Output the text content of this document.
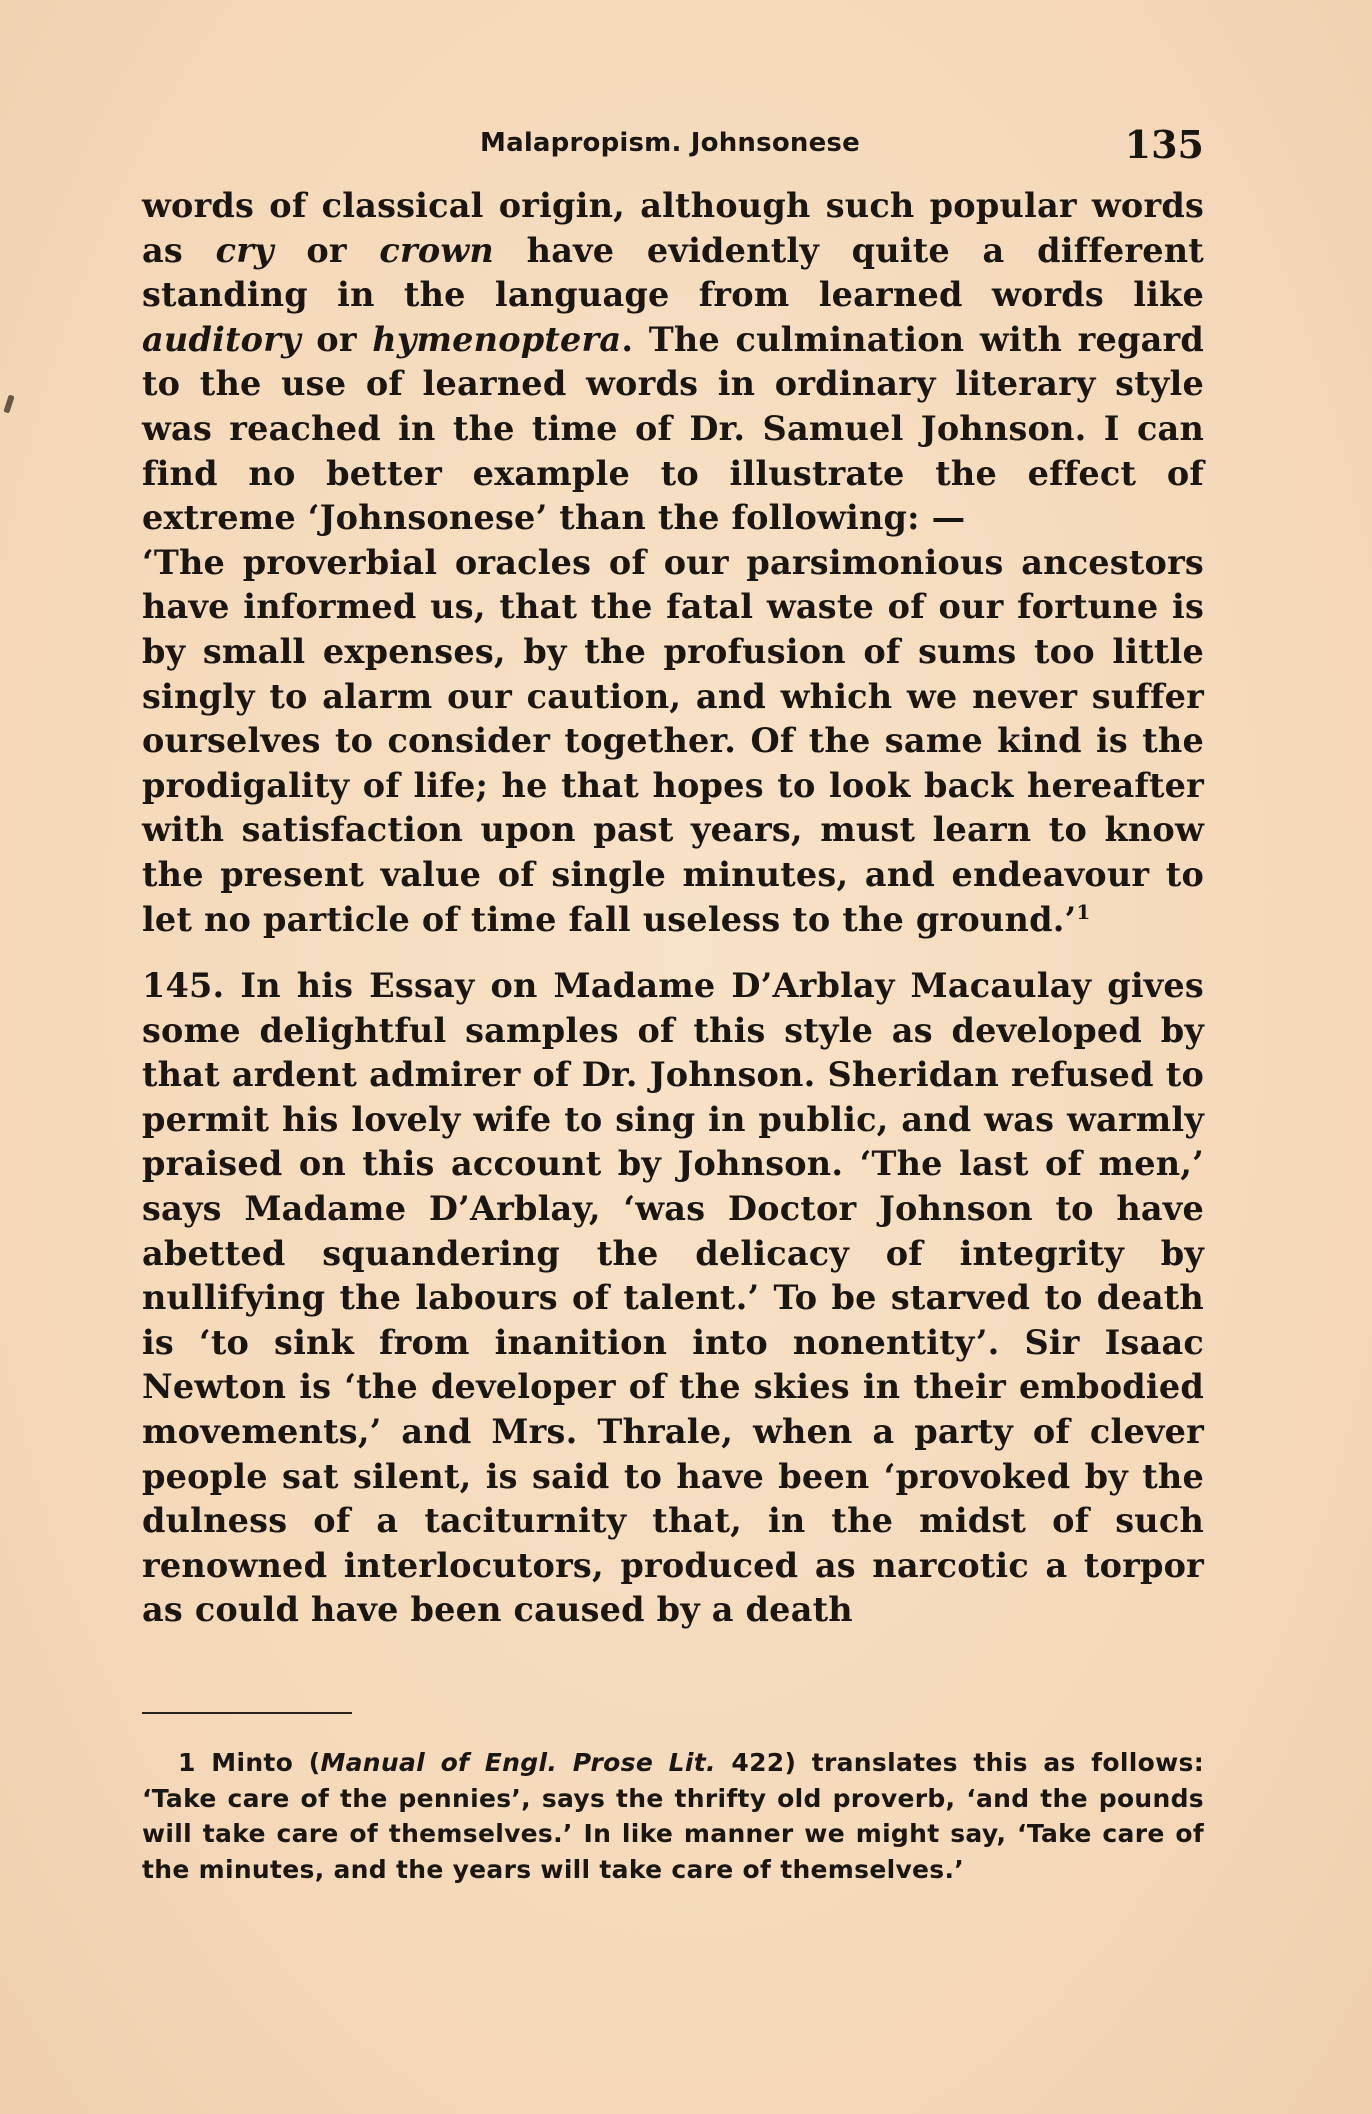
Malapropism. Johnsonese	135

words of classical origin, although such popular words as cry or crown have evidently quite a different standing in the language from learned words like auditory or hymenoptera. The culmination with regard to the use of learned words in ordinary literary style was reached in the time of Dr. Samuel Johnson. I can find no better example to illustrate the effect of extreme ‘Johnsonese’ than the following: —

‘The proverbial oracles of our parsimonious ancestors have informed us, that the fatal waste of our fortune is by small expenses, by the profusion of sums too little singly to alarm our caution, and which we never suffer ourselves to consider together. Of the same kind is the prodigality of life; he that hopes to look back hereafter with satisfaction upon past years, must learn to know the present value of single minutes, and endeavour to let no particle of time fall useless to the ground.’$^1$

145. In his Essay on Madame D’Arblay Macaulay gives some delightful samples of this style as developed by that ardent admirer of Dr. Johnson. Sheridan refused to permit his lovely wife to sing in public, and was warmly praised on this account by Johnson. ‘The last of men,’ says Madame D’Arblay, ‘was Doctor Johnson to have abetted squandering the delicacy of integrity by nullifying the labours of talent.’ To be starved to death is ‘to sink from inanition into nonentity’. Sir Isaac Newton is ‘the developer of the skies in their embodied movements,’ and Mrs. Thrale, when a party of clever people sat silent, is said to have been ‘provoked by the dulness of a taciturnity that, in the midst of such renowned interlocutors, produced as narcotic a torpor as could have been caused by a death

1 Minto (Manual of Engl. Prose Lit. 422) translates this as follows: ‘Take care of the pennies’, says the thrifty old proverb, ‘and the pounds will take care of themselves.’ In like manner we might say, ‘Take care of the minutes, and the years will take care of themselves.’
